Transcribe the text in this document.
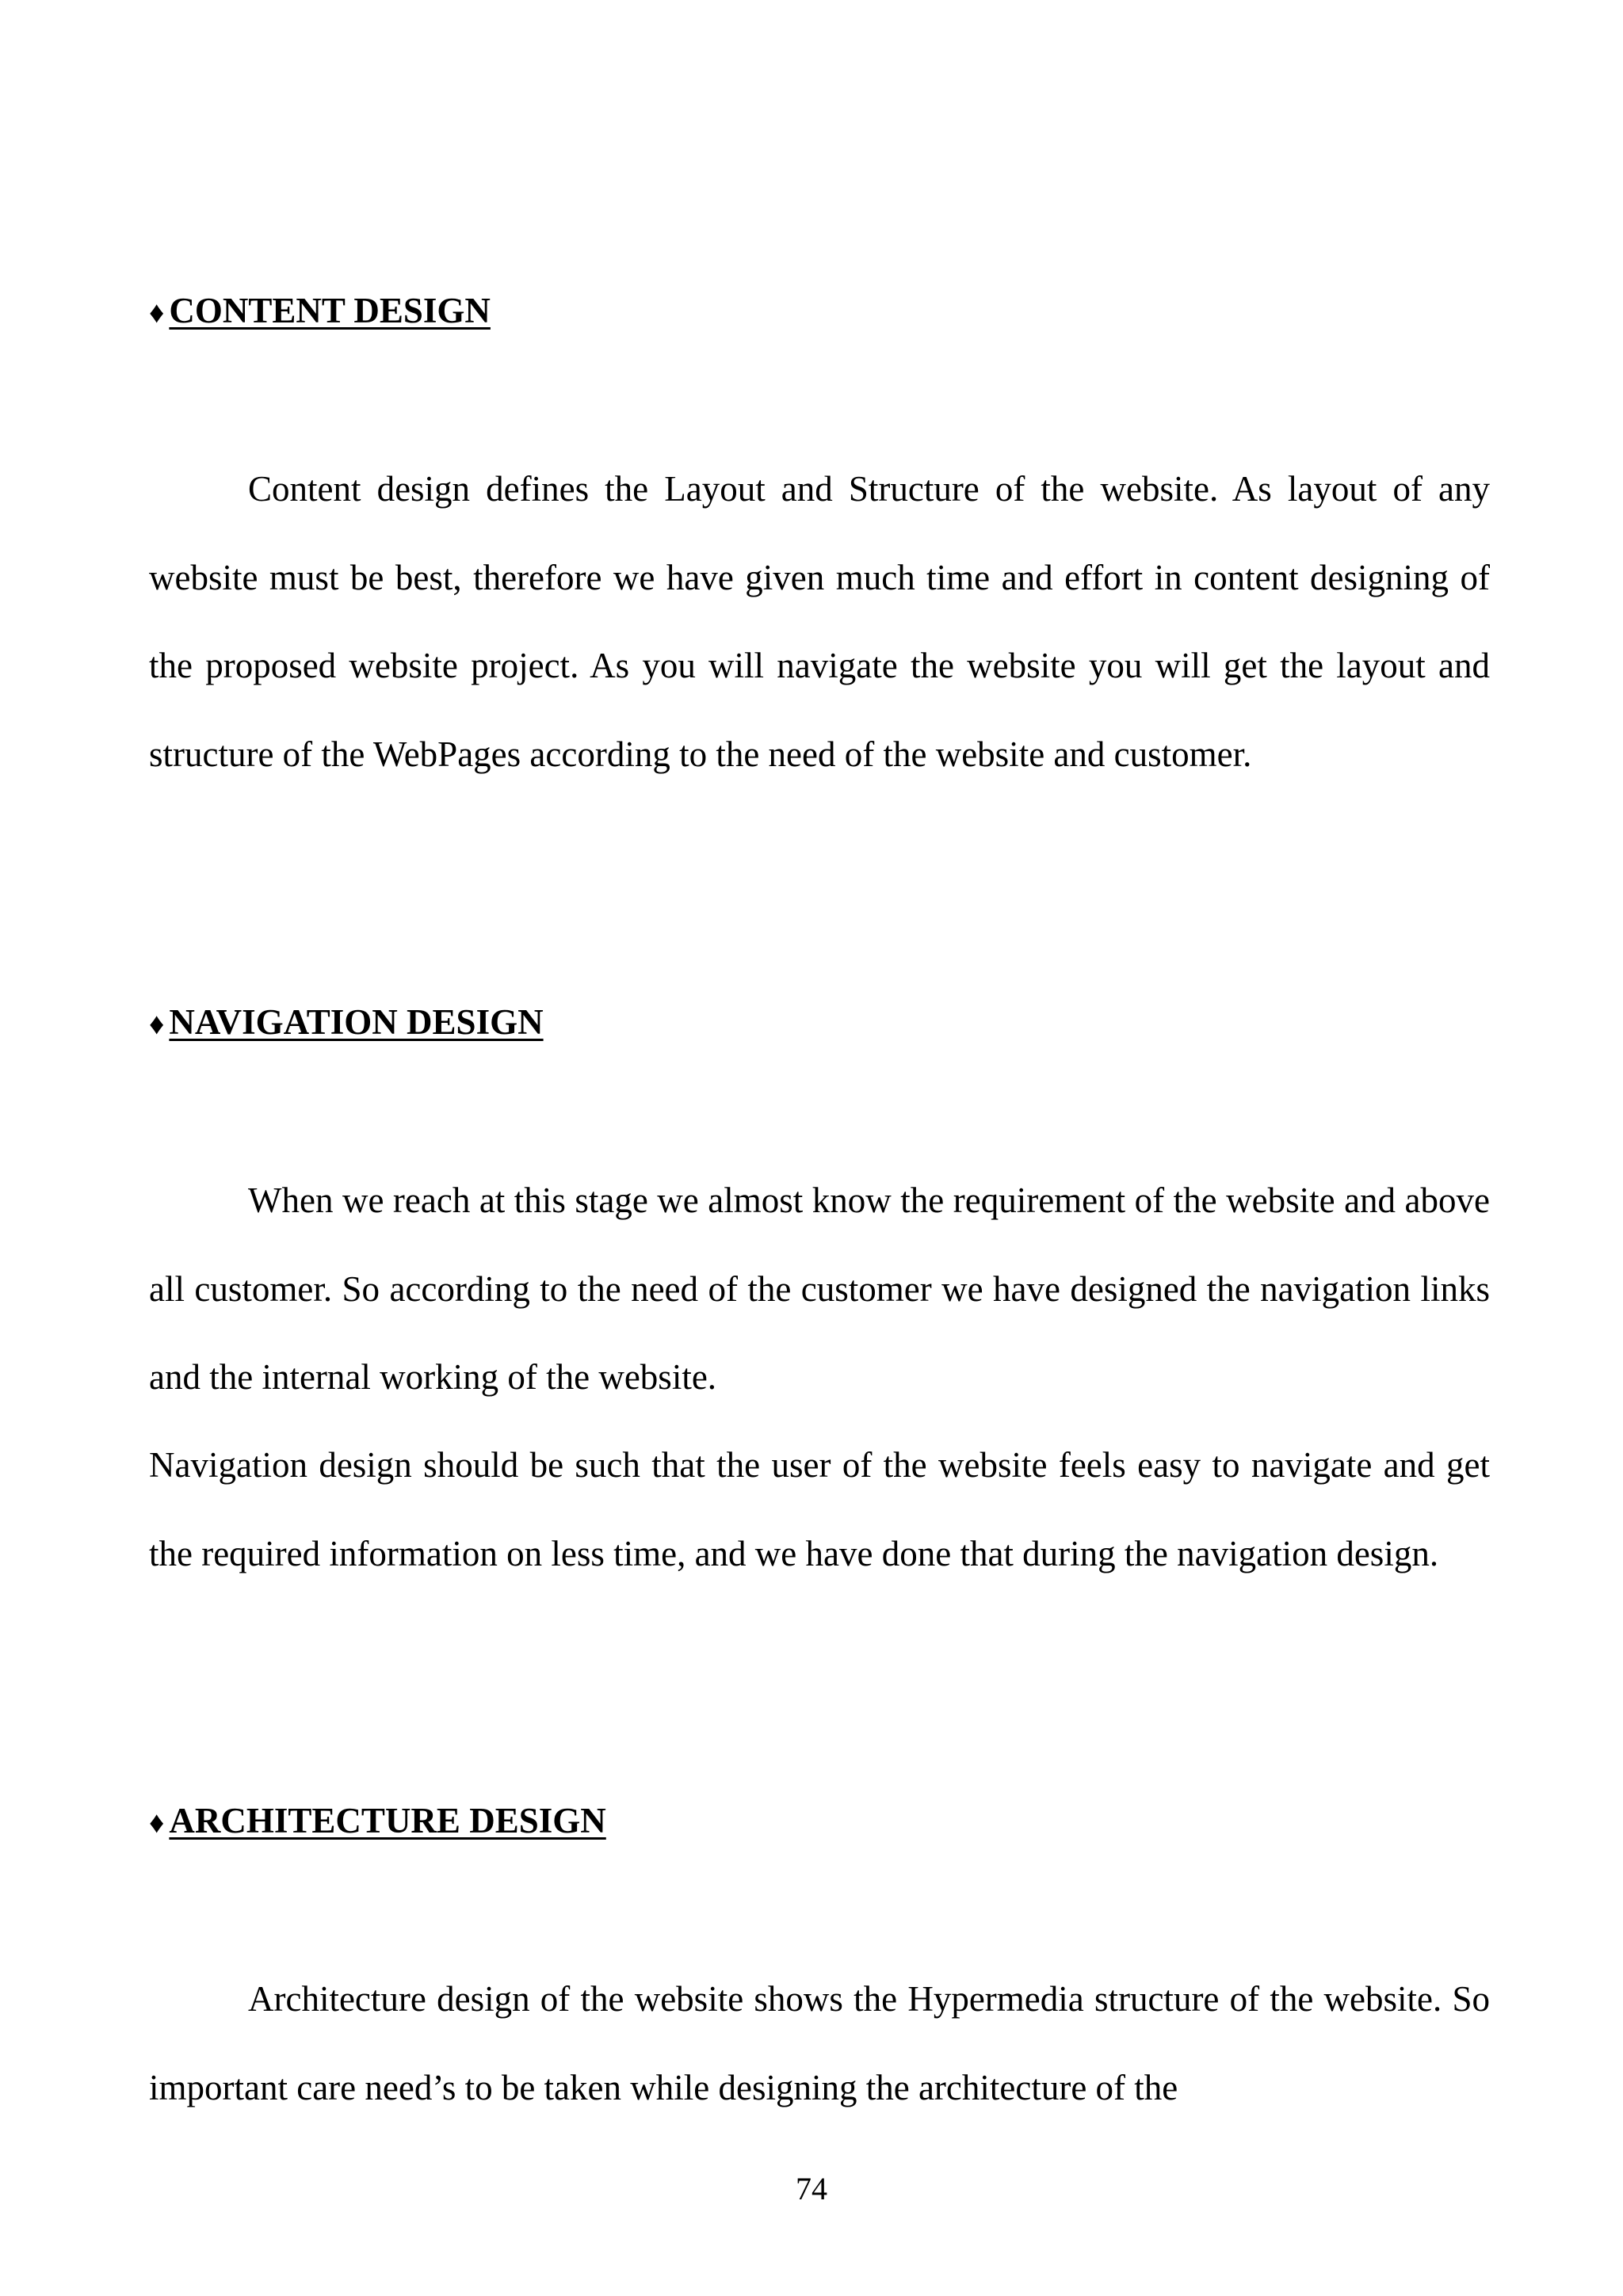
♦ CONTENT DESIGN

Content design defines the Layout and Structure of the website. As layout of any website must be best, therefore we have given much time and effort in content designing of the proposed website project. As you will navigate the website you will get the layout and structure of the WebPages according to the need of the website and customer.

♦ NAVIGATION DESIGN

When we reach at this stage we almost know the requirement of the website and above all customer. So according to the need of the customer we have designed the navigation links and the internal working of the website.

Navigation design should be such that the user of the website feels easy to navigate and get the required information on less time, and we have done that during the navigation design.

♦ ARCHITECTURE DESIGN

Architecture design of the website shows the Hypermedia structure of the website. So important care need’s to be taken while designing the architecture of the

74
